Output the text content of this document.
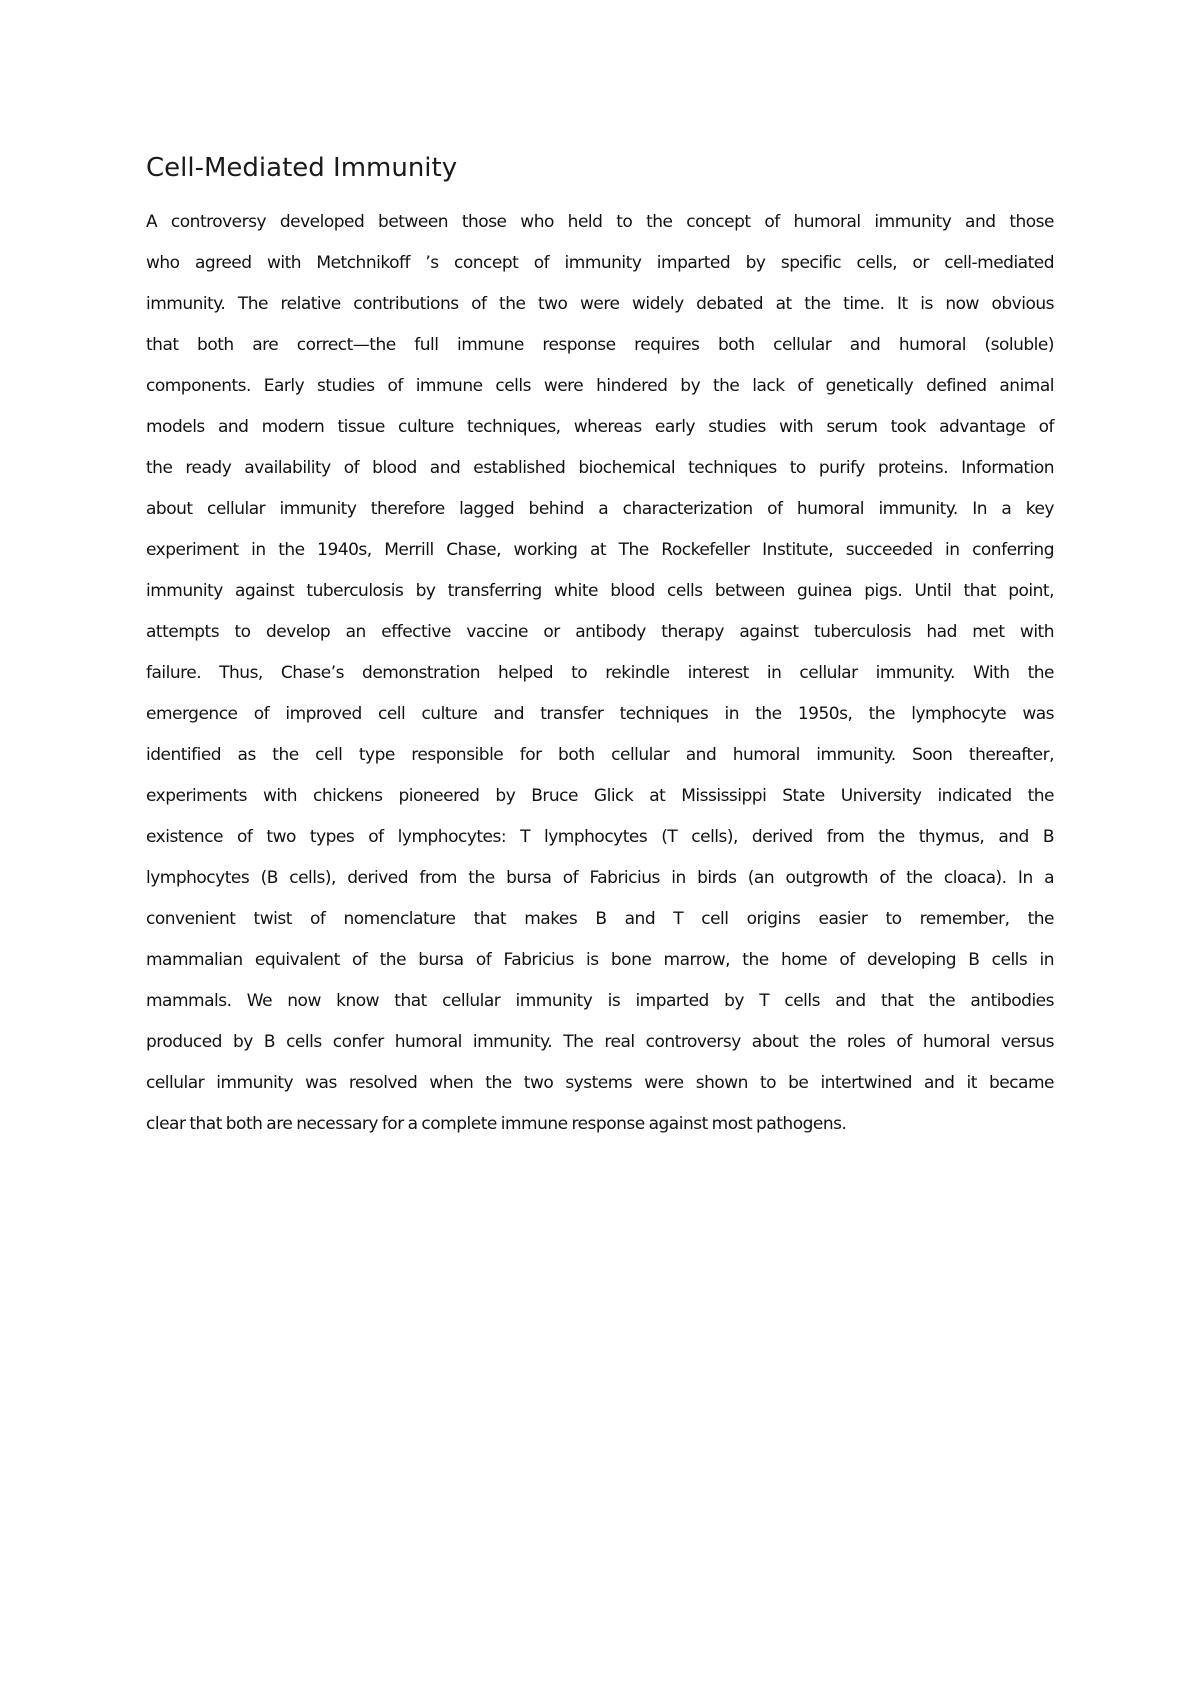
Cell-Mediated Immunity
A controversy developed between those who held to the concept of humoral immunity and those
who agreed with Metchnikoff ’s concept of immunity imparted by specific cells, or cell-mediated
immunity. The relative contributions of the two were widely debated at the time. It is now obvious
that both are correct—the full immune response requires both cellular and humoral (soluble)
components. Early studies of immune cells were hindered by the lack of genetically defined animal
models and modern tissue culture techniques, whereas early studies with serum took advantage of
the ready availability of blood and established biochemical techniques to purify proteins. Information
about cellular immunity therefore lagged behind a characterization of humoral immunity. In a key
experiment in the 1940s, Merrill Chase, working at The Rockefeller Institute, succeeded in conferring
immunity against tuberculosis by transferring white blood cells between guinea pigs. Until that point,
attempts to develop an effective vaccine or antibody therapy against tuberculosis had met with
failure. Thus, Chase’s demonstration helped to rekindle interest in cellular immunity. With the
emergence of improved cell culture and transfer techniques in the 1950s, the lymphocyte was
identified as the cell type responsible for both cellular and humoral immunity. Soon thereafter,
experiments with chickens pioneered by Bruce Glick at Mississippi State University indicated the
existence of two types of lymphocytes: T lymphocytes (T cells), derived from the thymus, and B
lymphocytes (B cells), derived from the bursa of Fabricius in birds (an outgrowth of the cloaca). In a
convenient twist of nomenclature that makes B and T cell origins easier to remember, the
mammalian equivalent of the bursa of Fabricius is bone marrow, the home of developing B cells in
mammals. We now know that cellular immunity is imparted by T cells and that the antibodies
produced by B cells confer humoral immunity. The real controversy about the roles of humoral versus
cellular immunity was resolved when the two systems were shown to be intertwined and it became
clear that both are necessary for a complete immune response against most pathogens.
